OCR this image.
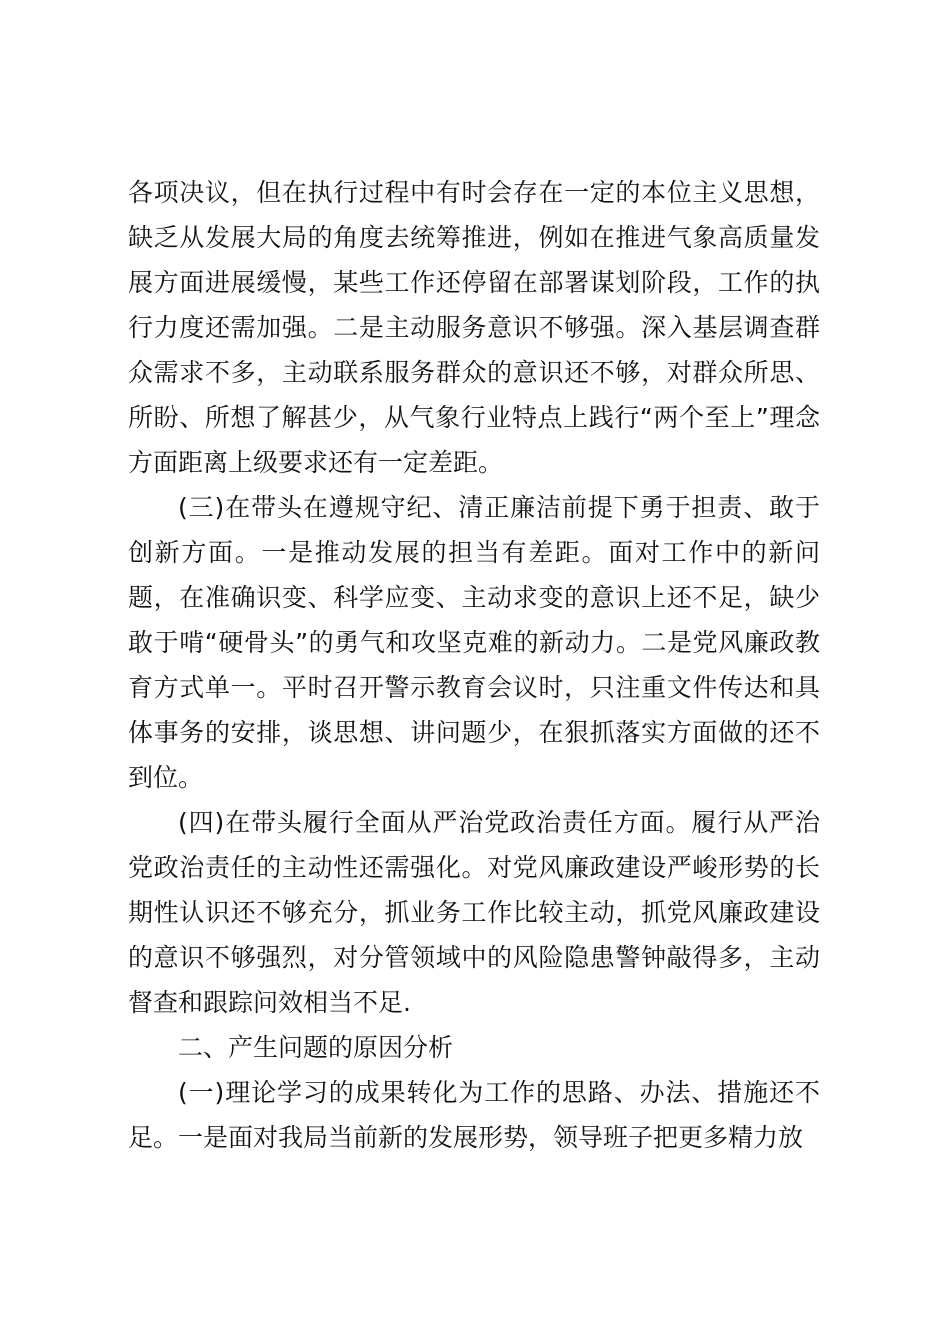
各项决议，但在执行过程中有时会存在一定的本位主义思想，缺乏从发展大局的角度去统筹推进，例如在推进气象高质量发展方面进展缓慢，某些工作还停留在部署谋划阶段，工作的执行力度还需加强。二是主动服务意识不够强。深入基层调查群众需求不多，主动联系服务群众的意识还不够，对群众所思、所盼、所想了解甚少，从气象行业特点上践行“两个至上”理念方面距离上级要求还有一定差距。

(三)在带头在遵规守纪、清正廉洁前提下勇于担责、敢于创新方面。一是推动发展的担当有差距。面对工作中的新问题，在准确识变、科学应变、主动求变的意识上还不足，缺少敢于啃“硬骨头”的勇气和攻坚克难的新动力。二是党风廉政教育方式单一。平时召开警示教育会议时，只注重文件传达和具体事务的安排，谈思想、讲问题少，在狠抓落实方面做的还不到位。

(四)在带头履行全面从严治党政治责任方面。履行从严治党政治责任的主动性还需强化。对党风廉政建设严峻形势的长期性认识还不够充分，抓业务工作比较主动，抓党风廉政建设的意识不够强烈，对分管领域中的风险隐患警钟敲得多，主动督查和跟踪问效相当不足.

二、产生问题的原因分析

(一)理论学习的成果转化为工作的思路、办法、措施还不足。一是面对我局当前新的发展形势，领导班子把更多精力放
